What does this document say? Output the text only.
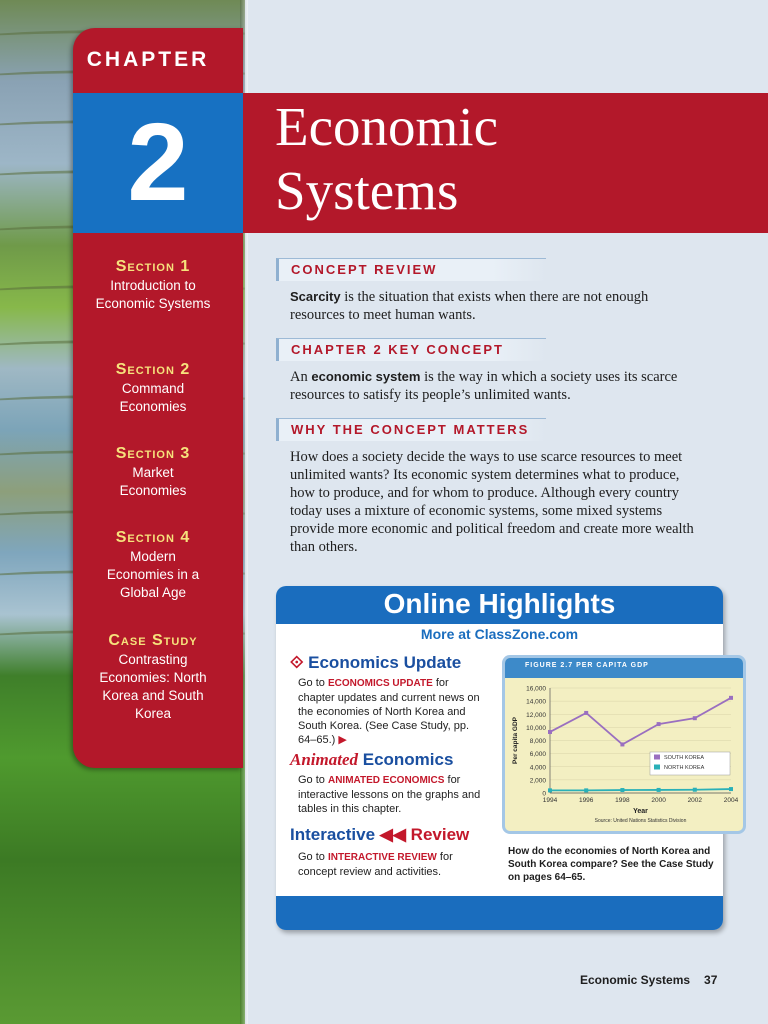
CHAPTER
2
Section 1
Introduction to Economic Systems
Section 2
Command Economies
Section 3
Market Economies
Section 4
Modern Economies in a Global Age
Case Study
Contrasting Economies: North Korea and South Korea
Economic
Systems
CONCEPT REVIEW
Scarcity is the situation that exists when there are not enough resources to meet human wants.
CHAPTER 2 KEY CONCEPT
An economic system is the way in which a society uses its scarce resources to satisfy its people’s unlimited wants.
WHY THE CONCEPT MATTERS
How does a society decide the ways to use scarce resources to meet unlimited wants? Its economic system determines what to produce, how to produce, and for whom to produce. Although every country today uses a mixture of economic systems, some mixed systems provide more economic and political freedom and create more wealth than others.
Online Highlights
More at ClassZone.com
⟐ Economics Update
Go to ECONOMICS UPDATE for chapter updates and current news on the economies of North Korea and South Korea. (See Case Study, pp. 64–65.) ▶
Animated Economics
Go to ANIMATED ECONOMICS for interactive lessons on the graphs and tables in this chapter.
Interactive ◀◀ Review
Go to INTERACTIVE REVIEW for concept review and activities.
FIGURE 2.7 PER CAPITA GDP
16,000
14,000
12,000
10,000
8,000
6,000
4,000
2,000
0
1994	1996	1998	2000	2002	2004
Year
Per capita GDP
Source: United Nations Statistics Division
SOUTH KOREA
NORTH KOREA
How do the economies of North Korea and South Korea compare? See the Case Study on pages 64–65.
Economic Systems 37
